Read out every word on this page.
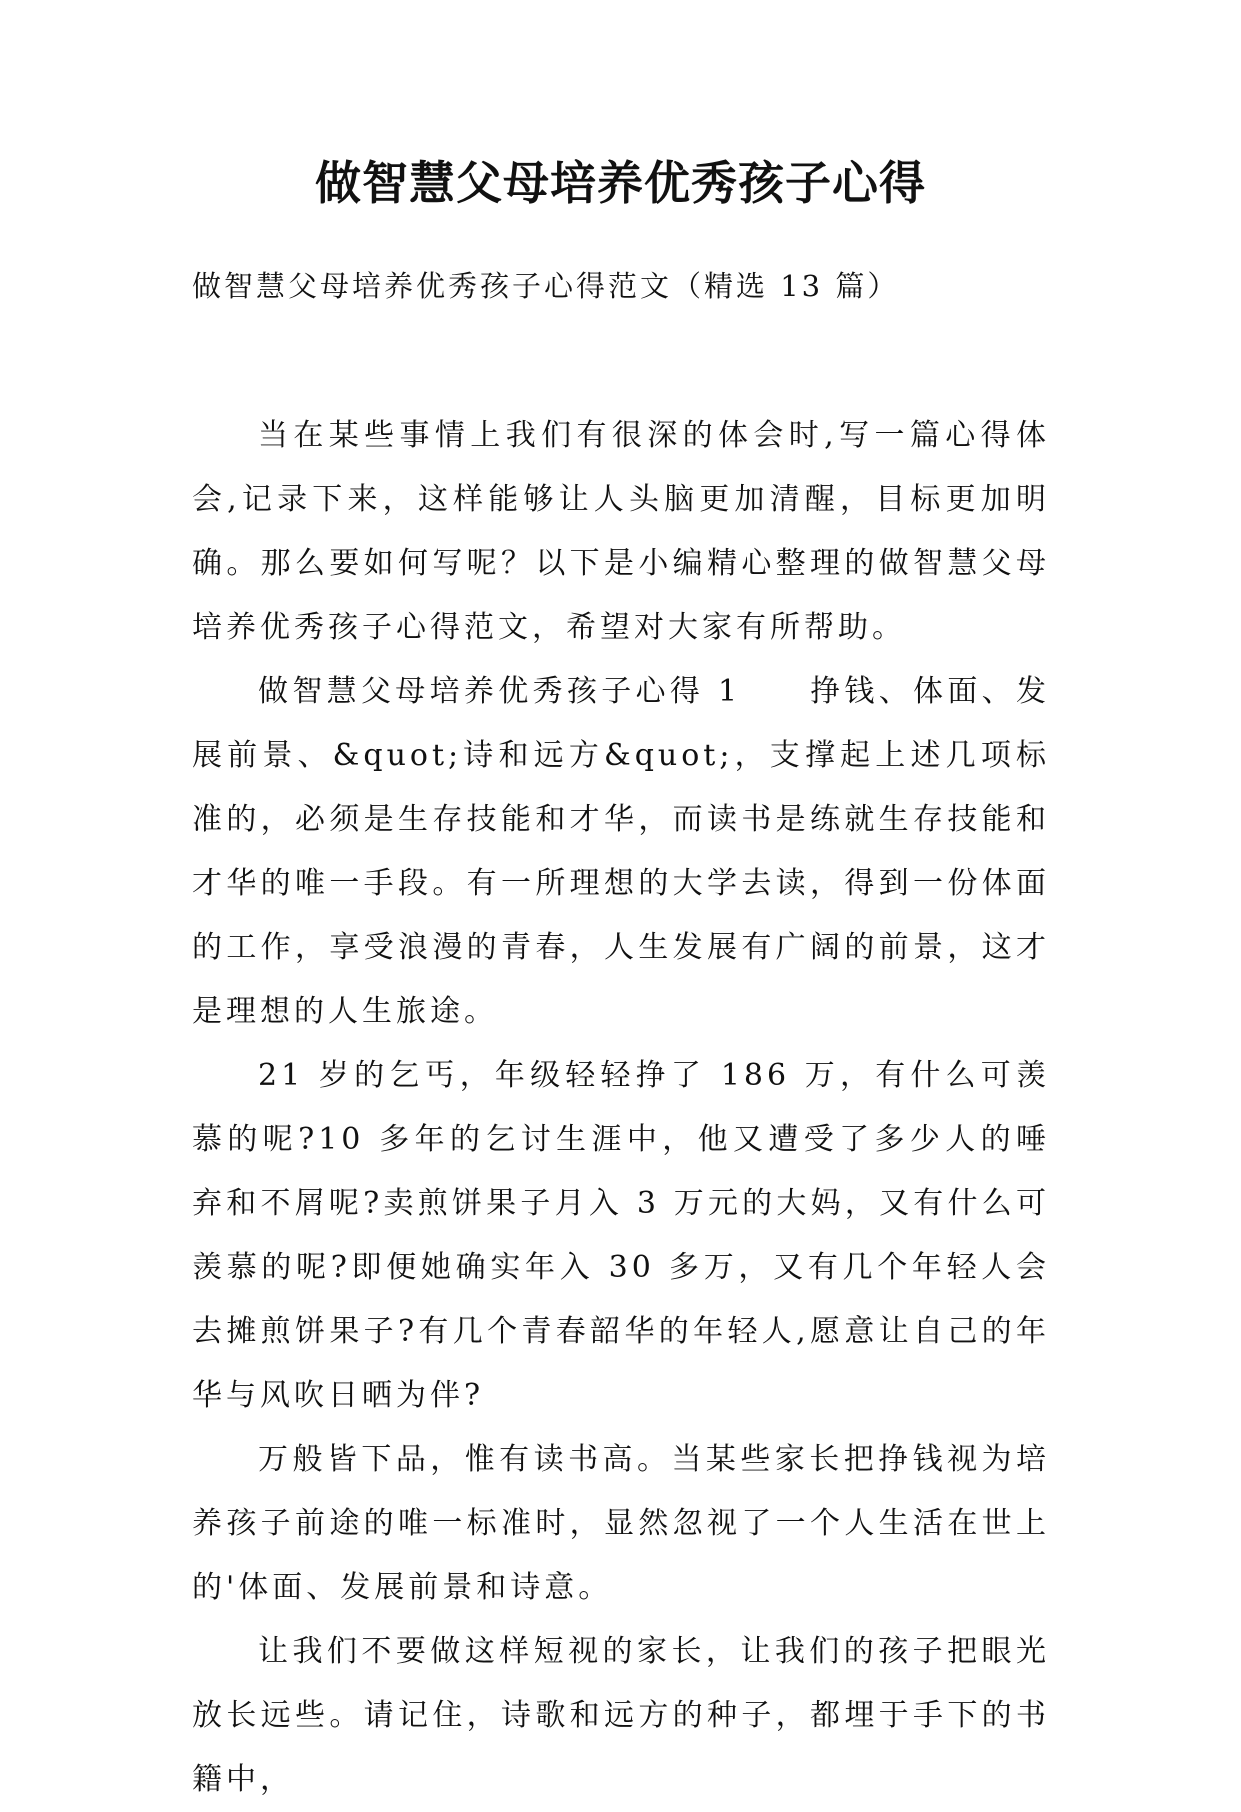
做智慧父母培养优秀孩子心得

做智慧父母培养优秀孩子心得范文（精选 13 篇）

当在某些事情上我们有很深的体会时,写一篇心得体会,记录下来，这样能够让人头脑更加清醒，目标更加明确。那么要如何写呢？以下是小编精心整理的做智慧父母培养优秀孩子心得范文，希望对大家有所帮助。

做智慧父母培养优秀孩子心得 1　　挣钱、体面、发展前景、&quot;诗和远方&quot;，支撑起上述几项标准的，必须是生存技能和才华，而读书是练就生存技能和才华的唯一手段。有一所理想的大学去读，得到一份体面的工作，享受浪漫的青春，人生发展有广阔的前景，这才是理想的人生旅途。

21 岁的乞丐，年级轻轻挣了 186 万，有什么可羡慕的呢?10 多年的乞讨生涯中，他又遭受了多少人的唾弃和不屑呢?卖煎饼果子月入 3 万元的大妈，又有什么可羡慕的呢?即便她确实年入 30 多万，又有几个年轻人会去摊煎饼果子?有几个青春韶华的年轻人,愿意让自己的年华与风吹日晒为伴?

万般皆下品，惟有读书高。当某些家长把挣钱视为培养孩子前途的唯一标准时，显然忽视了一个人生活在世上的'体面、发展前景和诗意。

让我们不要做这样短视的家长，让我们的孩子把眼光放长远些。请记住，诗歌和远方的种子，都埋于手下的书籍中，
